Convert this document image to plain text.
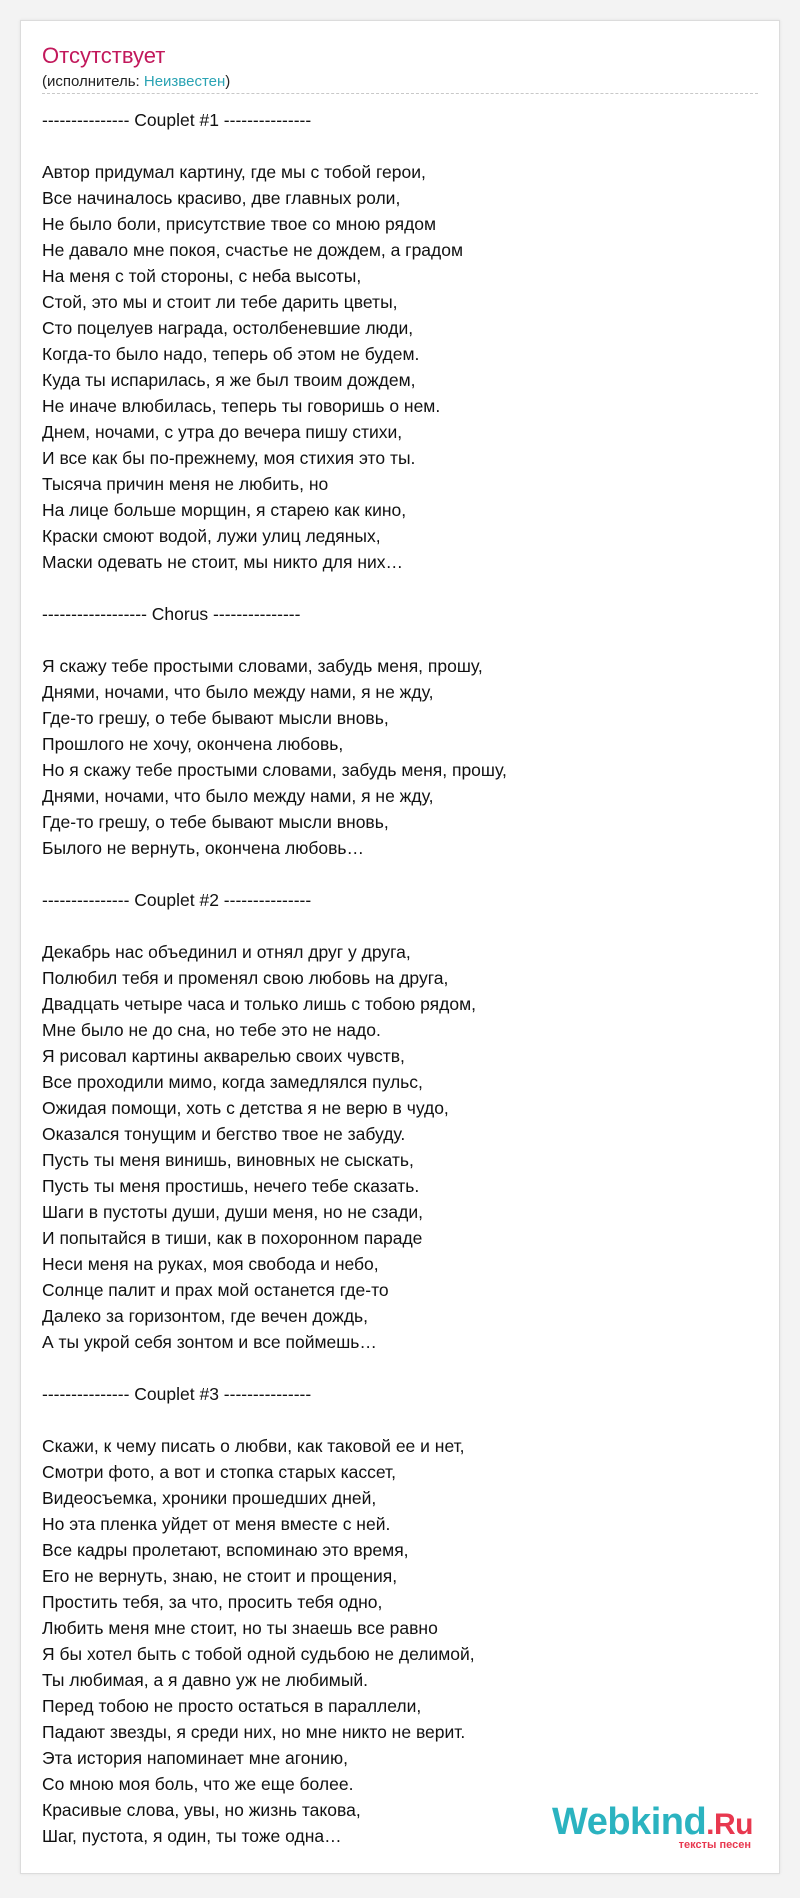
Отсутствует
(исполнитель: Неизвестен)
--------------- Couplet #1 ---------------
Автор придумал картину, где мы с тобой герои,
Все начиналось красиво, две главных роли,
Не было боли, присутствие твое со мною рядом
Не давало мне покоя, счастье не дождем, а градом
На меня с той стороны, с неба высоты,
Стой, это мы и стоит ли тебе дарить цветы,
Сто поцелуев награда, остолбеневшие люди,
Когда-то было надо, теперь об этом не будем.
Куда ты испарилась, я же был твоим дождем,
Не иначе влюбилась, теперь ты говоришь о нем.
Днем, ночами, с утра до вечера пишу стихи,
И все как бы по-прежнему, моя стихия это ты.
Тысяча причин меня не любить, но
На лице больше морщин, я старею как кино,
Краски смоют водой, лужи улиц ледяных,
Маски одевать не стоит, мы никто для них…
------------------ Chorus ---------------
Я скажу тебе простыми словами, забудь меня, прошу,
Днями, ночами, что было между нами, я не жду,
Где-то грешу, о тебе бывают мысли вновь,
Прошлого не хочу, окончена любовь,
Но я скажу тебе простыми словами, забудь меня, прошу,
Днями, ночами, что было между нами, я не жду,
Где-то грешу, о тебе бывают мысли вновь,
Былого не вернуть, окончена любовь…
--------------- Couplet #2 ---------------
Декабрь нас объединил и отнял друг у друга,
Полюбил тебя и променял свою любовь на друга,
Двадцать четыре часа и только лишь с тобою рядом,
Мне было не до сна, но тебе это не надо.
Я рисовал картины акварелью своих чувств,
Все проходили мимо, когда замедлялся пульс,
Ожидая помощи, хоть с детства я не верю в чудо,
Оказался тонущим и бегство твое не забуду.
Пусть ты меня винишь, виновных не сыскать,
Пусть ты меня простишь, нечего тебе сказать.
Шаги в пустоты души, души меня, но не сзади,
И попытайся в тиши, как в похоронном параде
Неси меня на руках, моя свобода и небо,
Солнце палит и прах мой останется где-то
Далеко за горизонтом, где вечен дождь,
А ты укрой себя зонтом и все поймешь…
--------------- Couplet #3 ---------------
Скажи, к чему писать о любви, как таковой ее и нет,
Смотри фото, а вот и стопка старых кассет,
Видеосъемка, хроники прошедших дней,
Но эта пленка уйдет от меня вместе с ней.
Все кадры пролетают, вспоминаю это время,
Его не вернуть, знаю, не стоит и прощения,
Простить тебя, за что, просить тебя одно,
Любить меня мне стоит, но ты знаешь все равно
Я бы хотел быть с тобой одной судьбою не делимой,
Ты любимая, а я давно уж не любимый.
Перед тобою не просто остаться в параллели,
Падают звезды, я среди них, но мне никто не верит.
Эта история напоминает мне агонию,
Со мною моя боль, что же еще более.
Красивые слова, увы, но жизнь такова,
Шаг, пустота, я один, ты тоже одна…	Webkind.Ru
тексты песен
